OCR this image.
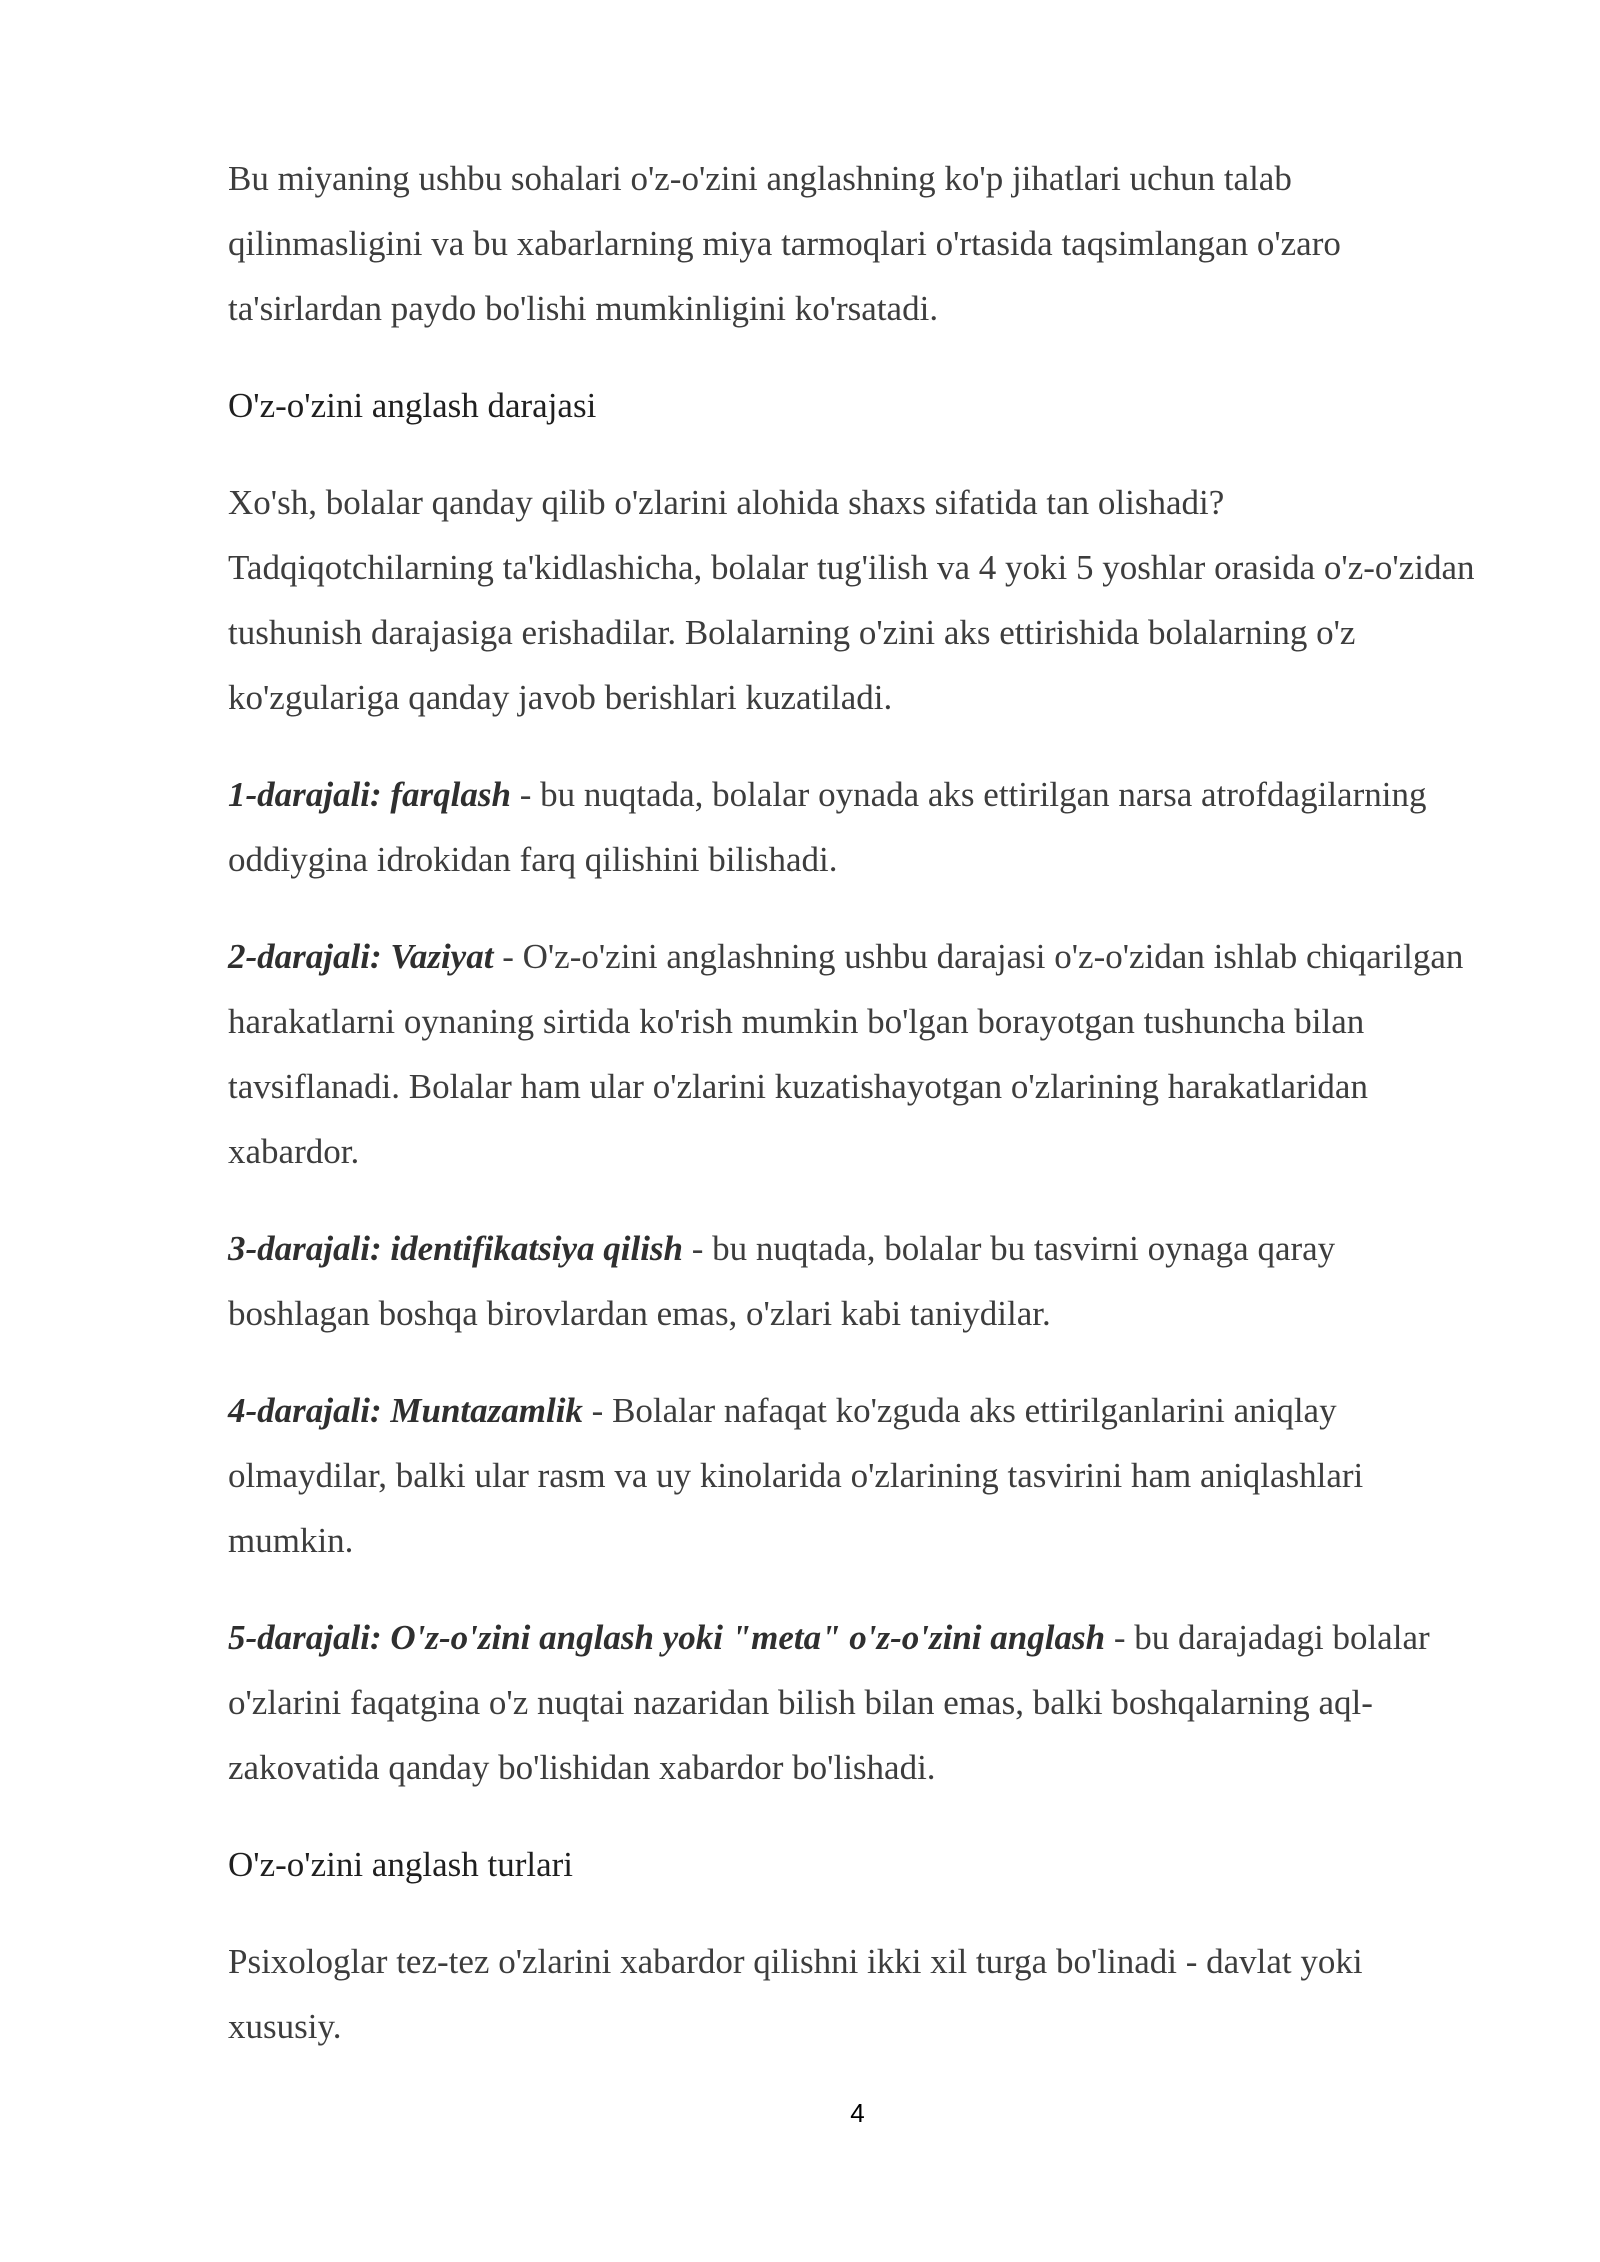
Bu miyaning ushbu sohalari o'z-o'zini anglashning ko'p jihatlari uchun talab qilinmasligini va bu xabarlarning miya tarmoqlari o'rtasida taqsimlangan o'zaro ta'sirlardan paydo bo'lishi mumkinligini ko'rsatadi.

O'z-o'zini anglash darajasi

Xo'sh, bolalar qanday qilib o'zlarini alohida shaxs sifatida tan olishadi? Tadqiqotchilarning ta'kidlashicha, bolalar tug'ilish va 4 yoki 5 yoshlar orasida o'z-o'zidan tushunish darajasiga erishadilar. Bolalarning o'zini aks ettirishida bolalarning o'z ko'zgulariga qanday javob berishlari kuzatiladi.

1-darajali: farqlash - bu nuqtada, bolalar oynada aks ettirilgan narsa atrofdagilarning oddiygina idrokidan farq qilishini bilishadi.

2-darajali: Vaziyat - O'z-o'zini anglashning ushbu darajasi o'z-o'zidan ishlab chiqarilgan harakatlarni oynaning sirtida ko'rish mumkin bo'lgan borayotgan tushuncha bilan tavsiflanadi. Bolalar ham ular o'zlarini kuzatishayotgan o'zlarining harakatlaridan xabardor.

3-darajali: identifikatsiya qilish - bu nuqtada, bolalar bu tasvirni oynaga qaray boshlagan boshqa birovlardan emas, o'zlari kabi taniydilar.

4-darajali: Muntazamlik - Bolalar nafaqat ko'zguda aks ettirilganlarini aniqlay olmaydilar, balki ular rasm va uy kinolarida o'zlarining tasvirini ham aniqlashlari mumkin.

5-darajali: O'z-o'zini anglash yoki "meta" o'z-o'zini anglash - bu darajadagi bolalar o'zlarini faqatgina o'z nuqtai nazaridan bilish bilan emas, balki boshqalarning aql-zakovatida qanday bo'lishidan xabardor bo'lishadi.

O'z-o'zini anglash turlari

Psixologlar tez-tez o'zlarini xabardor qilishni ikki xil turga bo'linadi - davlat yoki xususiy.

4
